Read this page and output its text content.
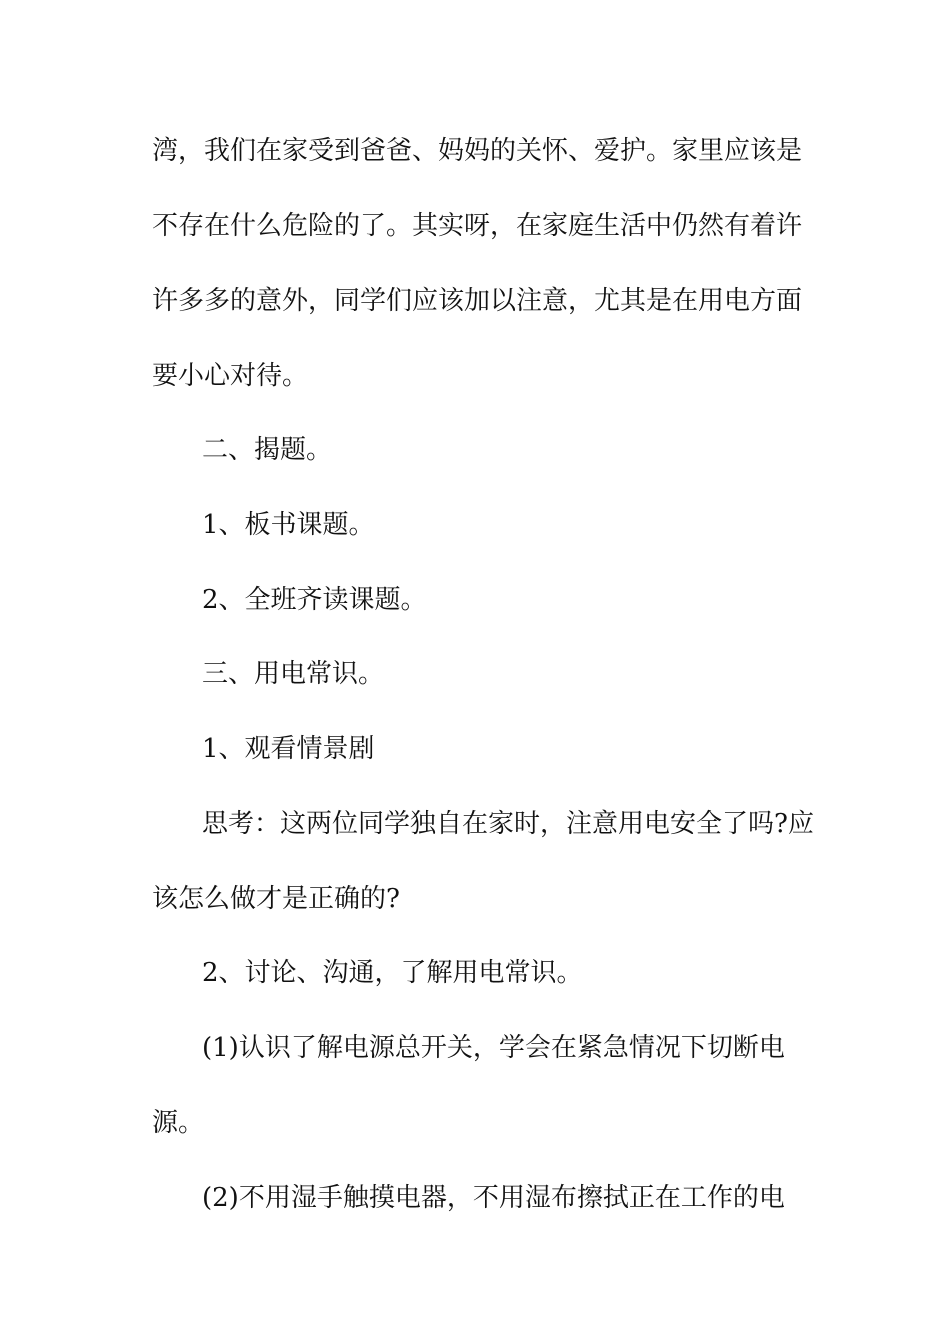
湾，我们在家受到爸爸、妈妈的关怀、爱护。家里应该是
不存在什么危险的了。其实呀，在家庭生活中仍然有着许
许多多的意外，同学们应该加以注意，尤其是在用电方面
要小心对待。
二、揭题。
1、板书课题。
2、全班齐读课题。
三、用电常识。
1、观看情景剧
思考：这两位同学独自在家时，注意用电安全了吗?应
该怎么做才是正确的?
2、讨论、沟通，了解用电常识。
(1)认识了解电源总开关，学会在紧急情况下切断电
源。
(2)不用湿手触摸电器，不用湿布擦拭正在工作的电
